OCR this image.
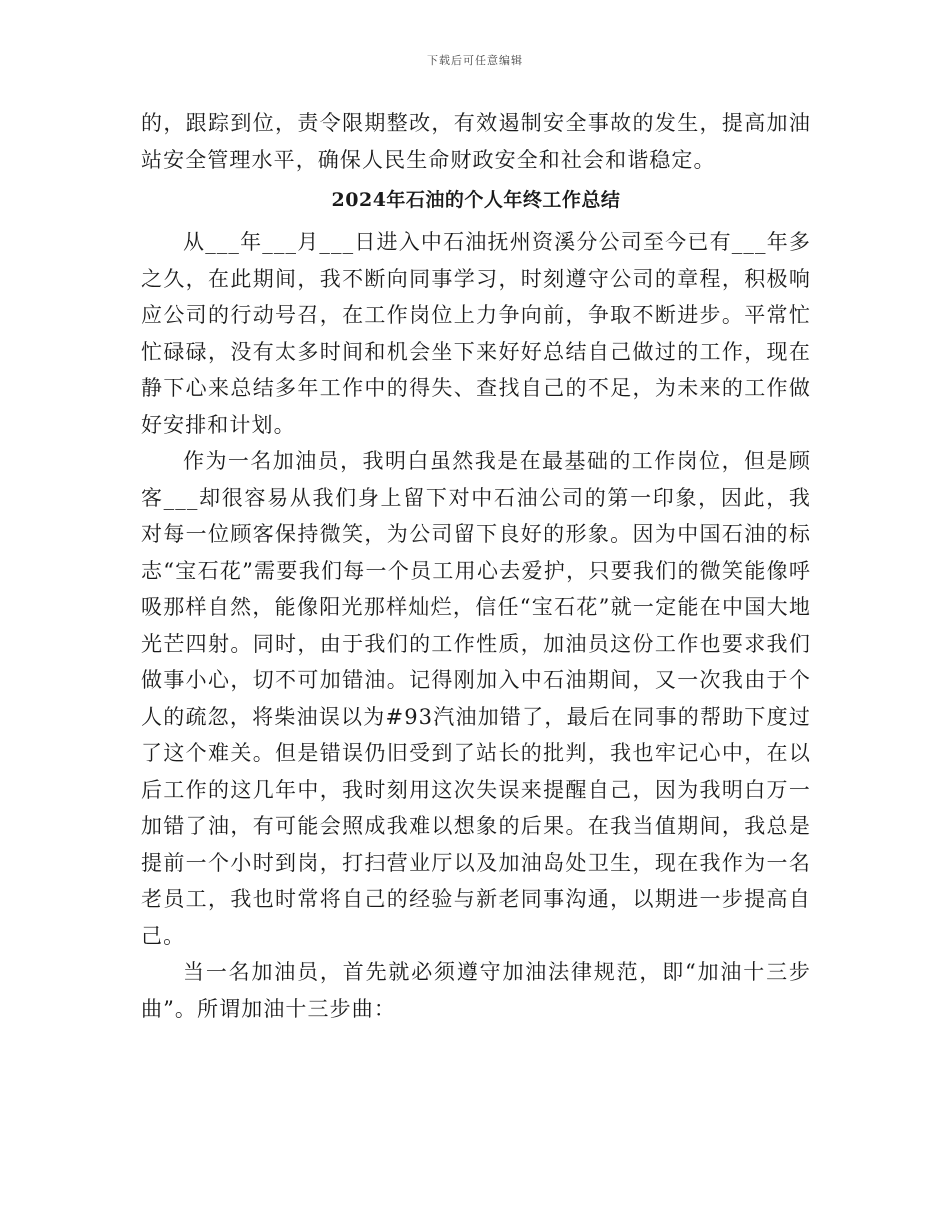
下载后可任意编辑

的，跟踪到位，责令限期整改，有效遏制安全事故的发生，提高加油站安全管理水平，确保人民生命财政安全和社会和谐稳定。

2024年石油的个人年终工作总结

从___年___月___日进入中石油抚州资溪分公司至今已有___年多之久，在此期间，我不断向同事学习，时刻遵守公司的章程，积极响应公司的行动号召，在工作岗位上力争向前，争取不断进步。平常忙忙碌碌，没有太多时间和机会坐下来好好总结自己做过的工作，现在静下心来总结多年工作中的得失、查找自己的不足，为未来的工作做好安排和计划。

作为一名加油员，我明白虽然我是在最基础的工作岗位，但是顾客___却很容易从我们身上留下对中石油公司的第一印象，因此，我对每一位顾客保持微笑，为公司留下良好的形象。因为中国石油的标志“宝石花”需要我们每一个员工用心去爱护，只要我们的微笑能像呼吸那样自然，能像阳光那样灿烂，信任“宝石花”就一定能在中国大地光芒四射。同时，由于我们的工作性质，加油员这份工作也要求我们做事小心，切不可加错油。记得刚加入中石油期间，又一次我由于个人的疏忽，将柴油误以为#93汽油加错了，最后在同事的帮助下度过了这个难关。但是错误仍旧受到了站长的批判，我也牢记心中，在以后工作的这几年中，我时刻用这次失误来提醒自己，因为我明白万一加错了油，有可能会照成我难以想象的后果。在我当值期间，我总是提前一个小时到岗，打扫营业厅以及加油岛处卫生，现在我作为一名老员工，我也时常将自己的经验与新老同事沟通，以期进一步提高自己。

当一名加油员，首先就必须遵守加油法律规范，即“加油十三步曲”。所谓加油十三步曲：
